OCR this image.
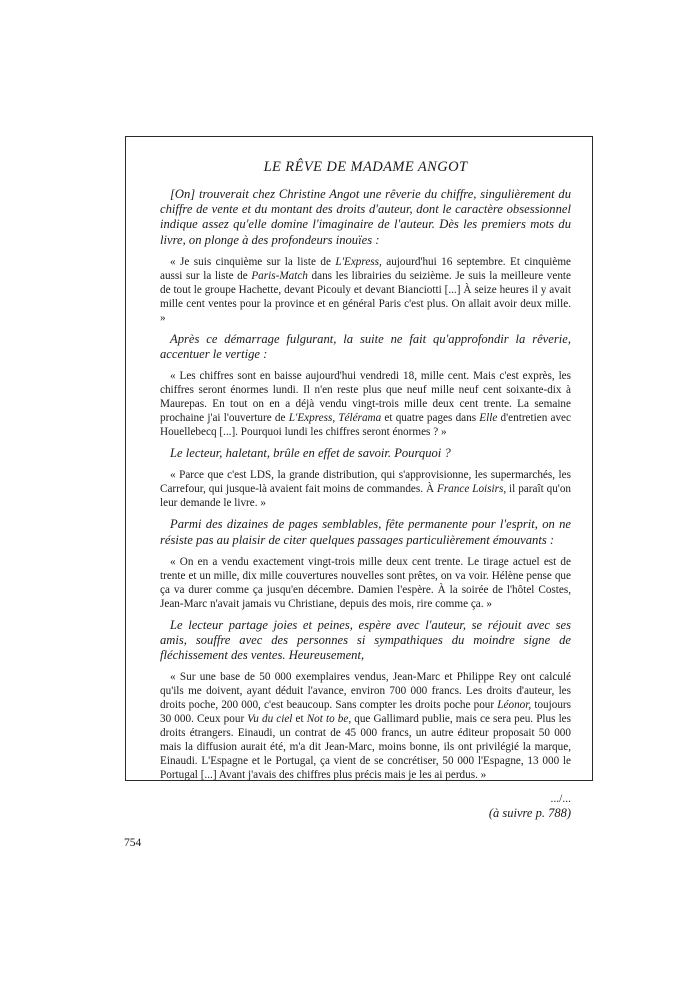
LE RÊVE DE MADAME ANGOT

[On] trouverait chez Christine Angot une rêverie du chiffre, singulièrement du chiffre de vente et du montant des droits d'auteur, dont le caractère obsessionnel indique assez qu'elle domine l'imaginaire de l'auteur. Dès les premiers mots du livre, on plonge à des profondeurs inouïes :

« Je suis cinquième sur la liste de L'Express, aujourd'hui 16 septembre. Et cinquième aussi sur la liste de Paris-Match dans les librairies du seizième. Je suis la meilleure vente de tout le groupe Hachette, devant Picouly et devant Bianciotti [...] À seize heures il y avait mille cent ventes pour la province et en général Paris c'est plus. On allait avoir deux mille. »

Après ce démarrage fulgurant, la suite ne fait qu'approfondir la rêverie, accentuer le vertige :

« Les chiffres sont en baisse aujourd'hui vendredi 18, mille cent. Mais c'est exprès, les chiffres seront énormes lundi. Il n'en reste plus que neuf mille neuf cent soixante-dix à Maurepas. En tout on en a déjà vendu vingt-trois mille deux cent trente. La semaine prochaine j'ai l'ouverture de L'Express, Télérama et quatre pages dans Elle d'entretien avec Houellebecq [...]. Pourquoi lundi les chiffres seront énormes ? »

Le lecteur, haletant, brûle en effet de savoir. Pourquoi ?

« Parce que c'est LDS, la grande distribution, qui s'approvisionne, les supermarchés, les Carrefour, qui jusque-là avaient fait moins de commandes. À France Loisirs, il paraît qu'on leur demande le livre. »

Parmi des dizaines de pages semblables, fête permanente pour l'esprit, on ne résiste pas au plaisir de citer quelques passages particulièrement émouvants :

« On en a vendu exactement vingt-trois mille deux cent trente. Le tirage actuel est de trente et un mille, dix mille couvertures nouvelles sont prêtes, on va voir. Hélène pense que ça va durer comme ça jusqu'en décembre. Damien l'espère. À la soirée de l'hôtel Costes, Jean-Marc n'avait jamais vu Christiane, depuis des mois, rire comme ça. »

Le lecteur partage joies et peines, espère avec l'auteur, se réjouit avec ses amis, souffre avec des personnes si sympathiques du moindre signe de fléchissement des ventes. Heureusement,

« Sur une base de 50 000 exemplaires vendus, Jean-Marc et Philippe Rey ont calculé qu'ils me doivent, ayant déduit l'avance, environ 700 000 francs. Les droits d'auteur, les droits poche, 200 000, c'est beaucoup. Sans compter les droits poche pour Léonor, toujours 30 000. Ceux pour Vu du ciel et Not to be, que Gallimard publie, mais ce sera peu. Plus les droits étrangers. Einaudi, un contrat de 45 000 francs, un autre éditeur proposait 50 000 mais la diffusion aurait été, m'a dit Jean-Marc, moins bonne, ils ont privilégié la marque, Einaudi. L'Espagne et le Portugal, ça vient de se concrétiser, 50 000 l'Espagne, 13 000 le Portugal [...] Avant j'avais des chiffres plus précis mais je les ai perdus. »

.../...
(à suivre p. 788)
754
